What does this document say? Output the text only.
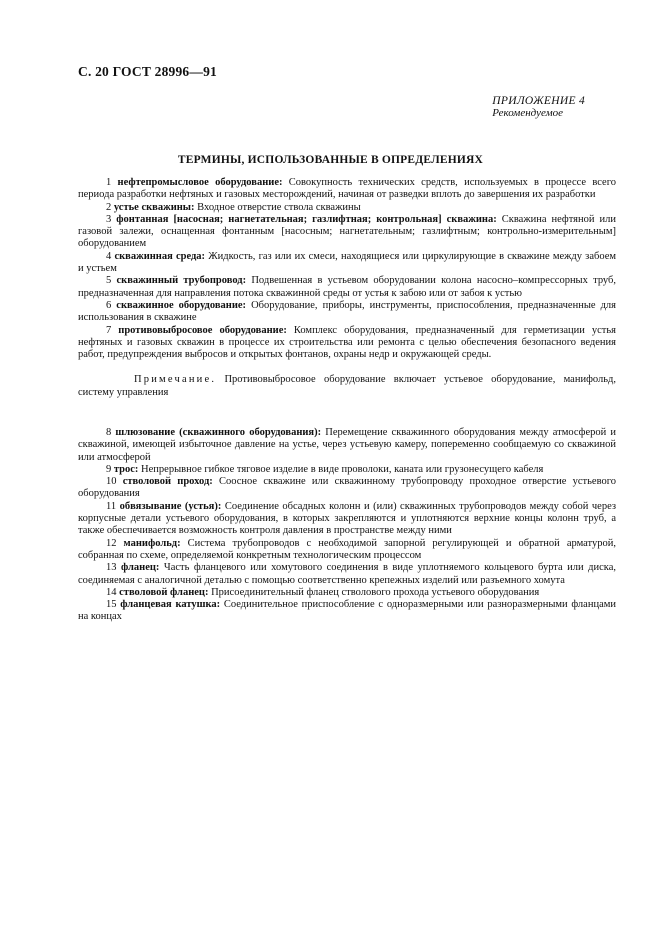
С. 20 ГОСТ 28996—91
ПРИЛОЖЕНИЕ 4
Рекомендуемое
ТЕРМИНЫ, ИСПОЛЬЗОВАННЫЕ В ОПРЕДЕЛЕНИЯХ

1 нефтепромысловое оборудование: Совокупность технических средств, используемых в процессе всего периода разработки нефтяных и газовых месторождений, начиная от разведки вплоть до завершения их разработки

2 устье скважины: Входное отверстие ствола скважины

3 фонтанная [насосная; нагнетательная; газлифтная; контрольная] скважина: Скважина нефтяной или газовой залежи, оснащенная фонтанным [насосным; нагнетательным; газлифтным; контрольно-измерительным] оборудованием

4 скважинная среда: Жидкость, газ или их смеси, находящиеся или циркулирующие в скважине между забоем и устьем

5 скважинный трубопровод: Подвешенная в устьевом оборудовании колона насосно–компрессорных труб, предназначенная для направления потока скважинной среды от устья к забою или от забоя к устью

6 скважинное оборудование: Оборудование, приборы, инструменты, приспособления, предназначенные для использования в скважине

7 противовыбросовое оборудование: Комплекс оборудования, предназначенный для герметизации устья нефтяных и газовых скважин в процессе их строительства или ремонта с целью обеспечения безопасного ведения работ, предупреждения выбросов и открытых фонтанов, охраны недр и окружающей среды.

Примечание. Противовыбросовое оборудование включает устьевое оборудование, манифольд, систему управления

8 шлюзование (скважинного оборудования): Перемещение скважинного оборудования между атмосферой и скважиной, имеющей избыточное давление на устье, через устьевую камеру, попеременно сообщаемую со скважиной или атмосферой

9 трос: Непрерывное гибкое тяговое изделие в виде проволоки, каната или грузонесущего кабеля

10 стволовой проход: Соосное скважине или скважинному трубопроводу проходное отверстие устьевого оборудования

11 обвязывание (устья): Соединение обсадных колонн и (или) скважинных трубопроводов между собой через корпусные детали устьевого оборудования, в которых закрепляются и уплотняются верхние концы колонн труб, а также обеспечивается возможность контроля давления в пространстве между ними

12 манифольд: Система трубопроводов с необходимой запорной регулирующей и обратной арматурой, собранная по схеме, определяемой конкретным технологическим процессом

13 фланец: Часть фланцевого или хомутового соединения в виде уплотняемого кольцевого бурта или диска, соединяемая с аналогичной деталью с помощью соответственно крепежных изделий или разъемного хомута

14 стволовой фланец: Присоединительный фланец стволового прохода устьевого оборудования

15 фланцевая катушка: Соединительное приспособление с одноразмерными или разноразмерными фланцами на концах
